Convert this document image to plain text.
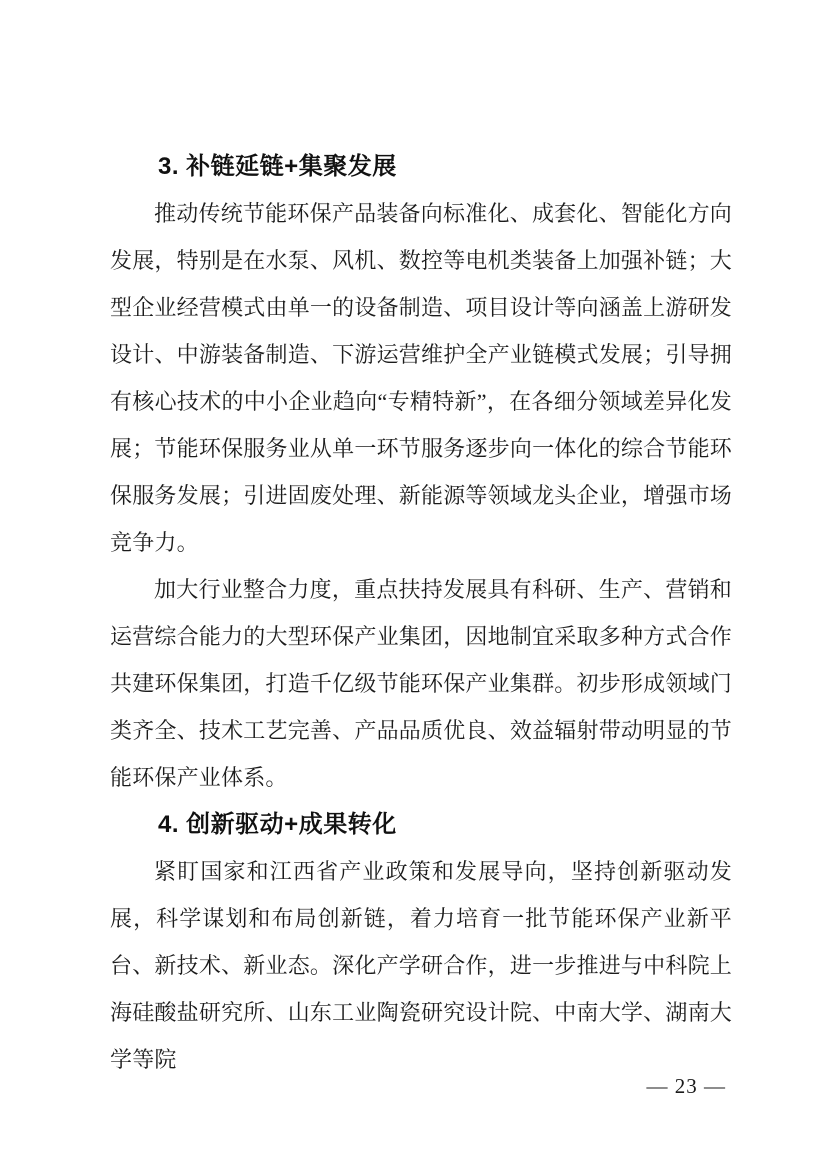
3. 补链延链+集聚发展

推动传统节能环保产品装备向标准化、成套化、智能化方向发展，特别是在水泵、风机、数控等电机类装备上加强补链；大型企业经营模式由单一的设备制造、项目设计等向涵盖上游研发设计、中游装备制造、下游运营维护全产业链模式发展；引导拥有核心技术的中小企业趋向“专精特新”，在各细分领域差异化发展；节能环保服务业从单一环节服务逐步向一体化的综合节能环保服务发展；引进固废处理、新能源等领域龙头企业，增强市场竞争力。

加大行业整合力度，重点扶持发展具有科研、生产、营销和运营综合能力的大型环保产业集团，因地制宜采取多种方式合作共建环保集团，打造千亿级节能环保产业集群。初步形成领域门类齐全、技术工艺完善、产品品质优良、效益辐射带动明显的节能环保产业体系。

4. 创新驱动+成果转化

紧盯国家和江西省产业政策和发展导向，坚持创新驱动发展，科学谋划和布局创新链，着力培育一批节能环保产业新平台、新技术、新业态。深化产学研合作，进一步推进与中科院上海硅酸盐研究所、山东工业陶瓷研究设计院、中南大学、湖南大学等院

— 23 —
